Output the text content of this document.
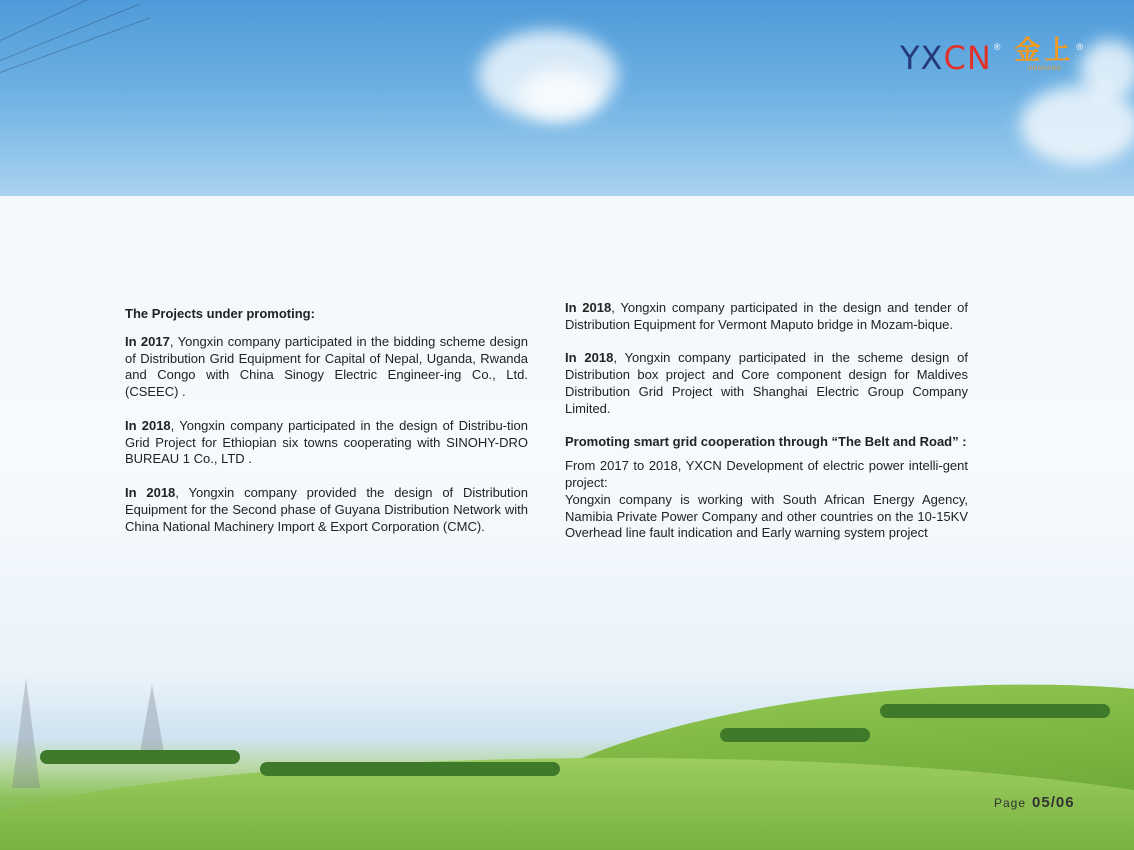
YX CN ® 金上
JINSHANG
®

The Projects under promoting:

In 2017, Yongxin company participated in the bidding scheme design of Distribution Grid Equipment for Capital of Nepal, Uganda, Rwanda and Congo with China Sinogy Electric Engineer-ing Co., Ltd. (CSEEC) .

In 2018, Yongxin company participated in the design of Distribu-tion Grid Project for Ethiopian six towns cooperating with SINOHY-DRO BUREAU 1 Co., LTD .

In 2018, Yongxin company provided the design of Distribution Equipment for the Second phase of Guyana Distribution Network with China National Machinery Import & Export Corporation (CMC).

In 2018, Yongxin company participated in the design and tender of Distribution Equipment for Vermont Maputo bridge in Mozam-bique.

In 2018, Yongxin company participated in the scheme design of Distribution box project and Core component design for Maldives Distribution Grid Project with Shanghai Electric Group Company Limited.

Promoting smart grid cooperation through “The Belt and Road” :

From 2017 to 2018, YXCN Development of electric power intelli-gent project:

Yongxin company is working with South African Energy Agency, Namibia Private Power Company and other countries on the 10-15KV Overhead line fault indication and Early warning system project

Page 05/06
